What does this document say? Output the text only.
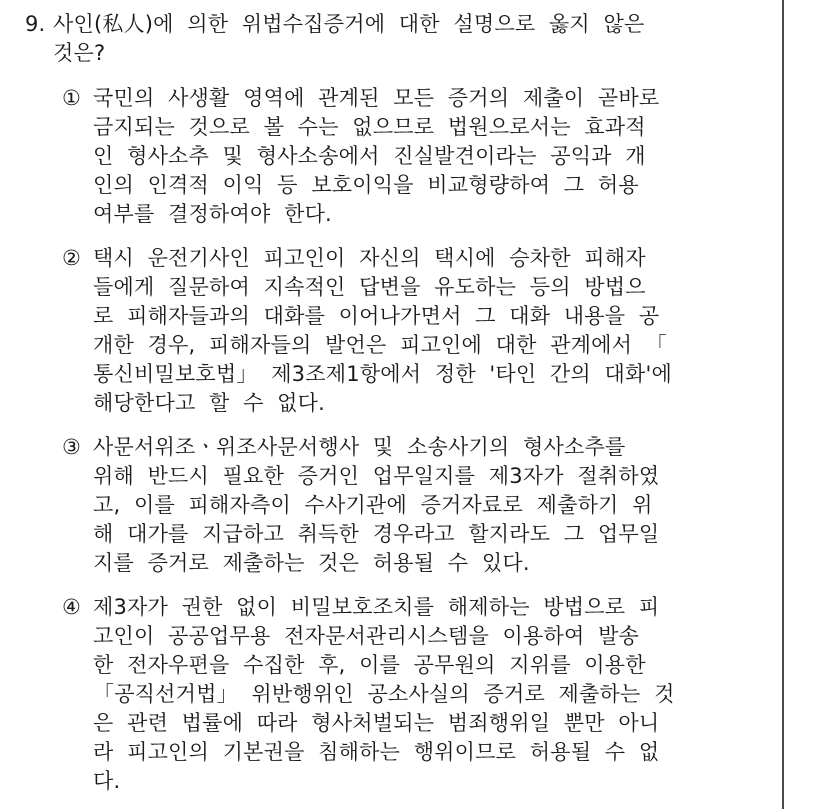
9. 사인(私人)에 의한 위법수집증거에 대한 설명으로 옳지 않은
것은?
① 국민의 사생활 영역에 관계된 모든 증거의 제출이 곧바로
금지되는 것으로 볼 수는 없으므로 법원으로서는 효과적
인 형사소추 및 형사소송에서 진실발견이라는 공익과 개
인의 인격적 이익 등 보호이익을 비교형량하여 그 허용
여부를 결정하여야 한다.
② 택시 운전기사인 피고인이 자신의 택시에 승차한 피해자
들에게 질문하여 지속적인 답변을 유도하는 등의 방법으
로 피해자들과의 대화를 이어나가면서 그 대화 내용을 공
개한 경우, 피해자들의 발언은 피고인에 대한 관계에서 「
통신비밀보호법」 제3조제1항에서 정한 '타인 간의 대화'에
해당한다고 할 수 없다.
③ 사문서위조ㆍ위조사문서행사 및 소송사기의 형사소추를
위해 반드시 필요한 증거인 업무일지를 제3자가 절취하였
고, 이를 피해자측이 수사기관에 증거자료로 제출하기 위
해 대가를 지급하고 취득한 경우라고 할지라도 그 업무일
지를 증거로 제출하는 것은 허용될 수 있다.
④ 제3자가 권한 없이 비밀보호조치를 해제하는 방법으로 피
고인이 공공업무용 전자문서관리시스템을 이용하여 발송
한 전자우편을 수집한 후, 이를 공무원의 지위를 이용한
「공직선거법」 위반행위인 공소사실의 증거로 제출하는 것
은 관련 법률에 따라 형사처벌되는 범죄행위일 뿐만 아니
라 피고인의 기본권을 침해하는 행위이므로 허용될 수 없
다.
